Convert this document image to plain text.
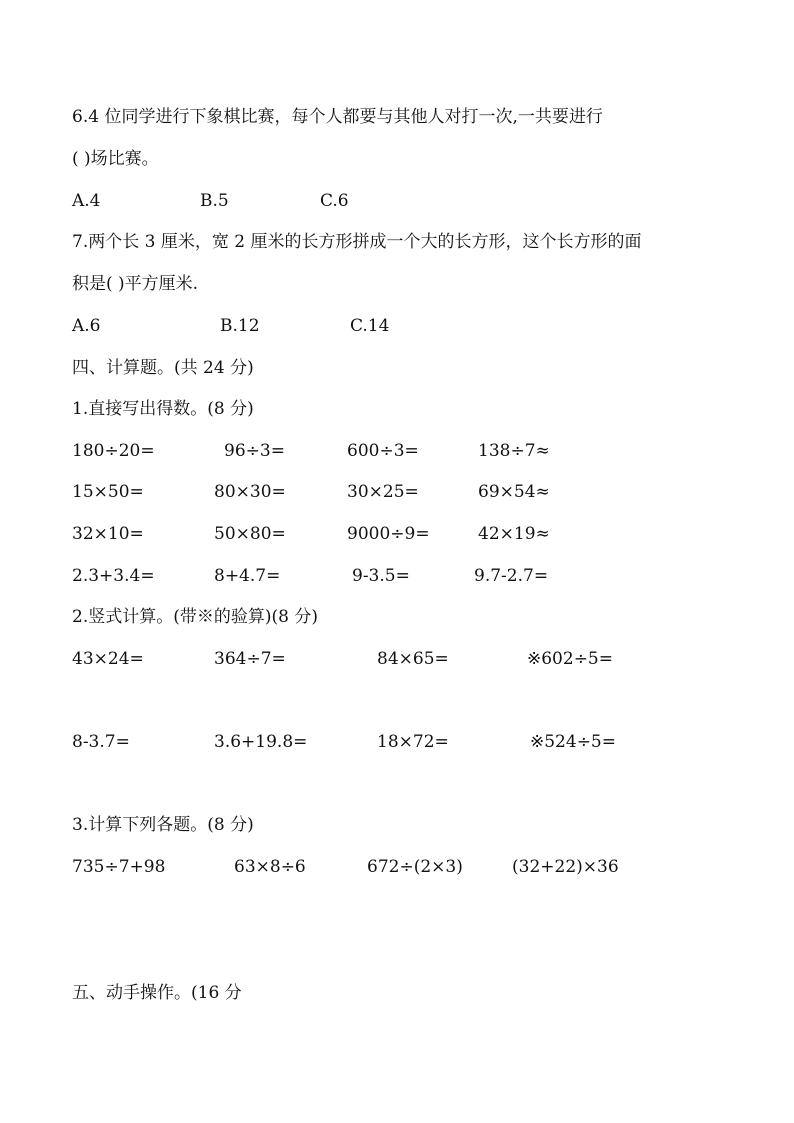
6.4 位同学进行下象棋比赛，每个人都要与其他人对打一次,一共要进行
( )场比赛。
A.4	B.5	C.6
7.两个长 3 厘米，宽 2 厘米的长方形拼成一个大的长方形，这个长方形的面
积是( )平方厘米.
A.6	B.12	C.14
四、计算题。(共 24 分)
1.直接写出得数。(8 分)
180÷20=	96÷3=	600÷3=	138÷7≈
15×50=	80×30=	30×25=	69×54≈
32×10=	50×80=	9000÷9=	42×19≈
2.3+3.4=	8+4.7=	9-3.5=	9.7-2.7=
2.竖式计算。(带※的验算)(8 分)
43×24=	364÷7=	84×65=	※602÷5=
8-3.7=	3.6+19.8=	18×72=	※524÷5=
3.计算下列各题。(8 分)
735÷7+98	63×8÷6	672÷(2×3)	(32+22)×36
五、动手操作。(16 分
